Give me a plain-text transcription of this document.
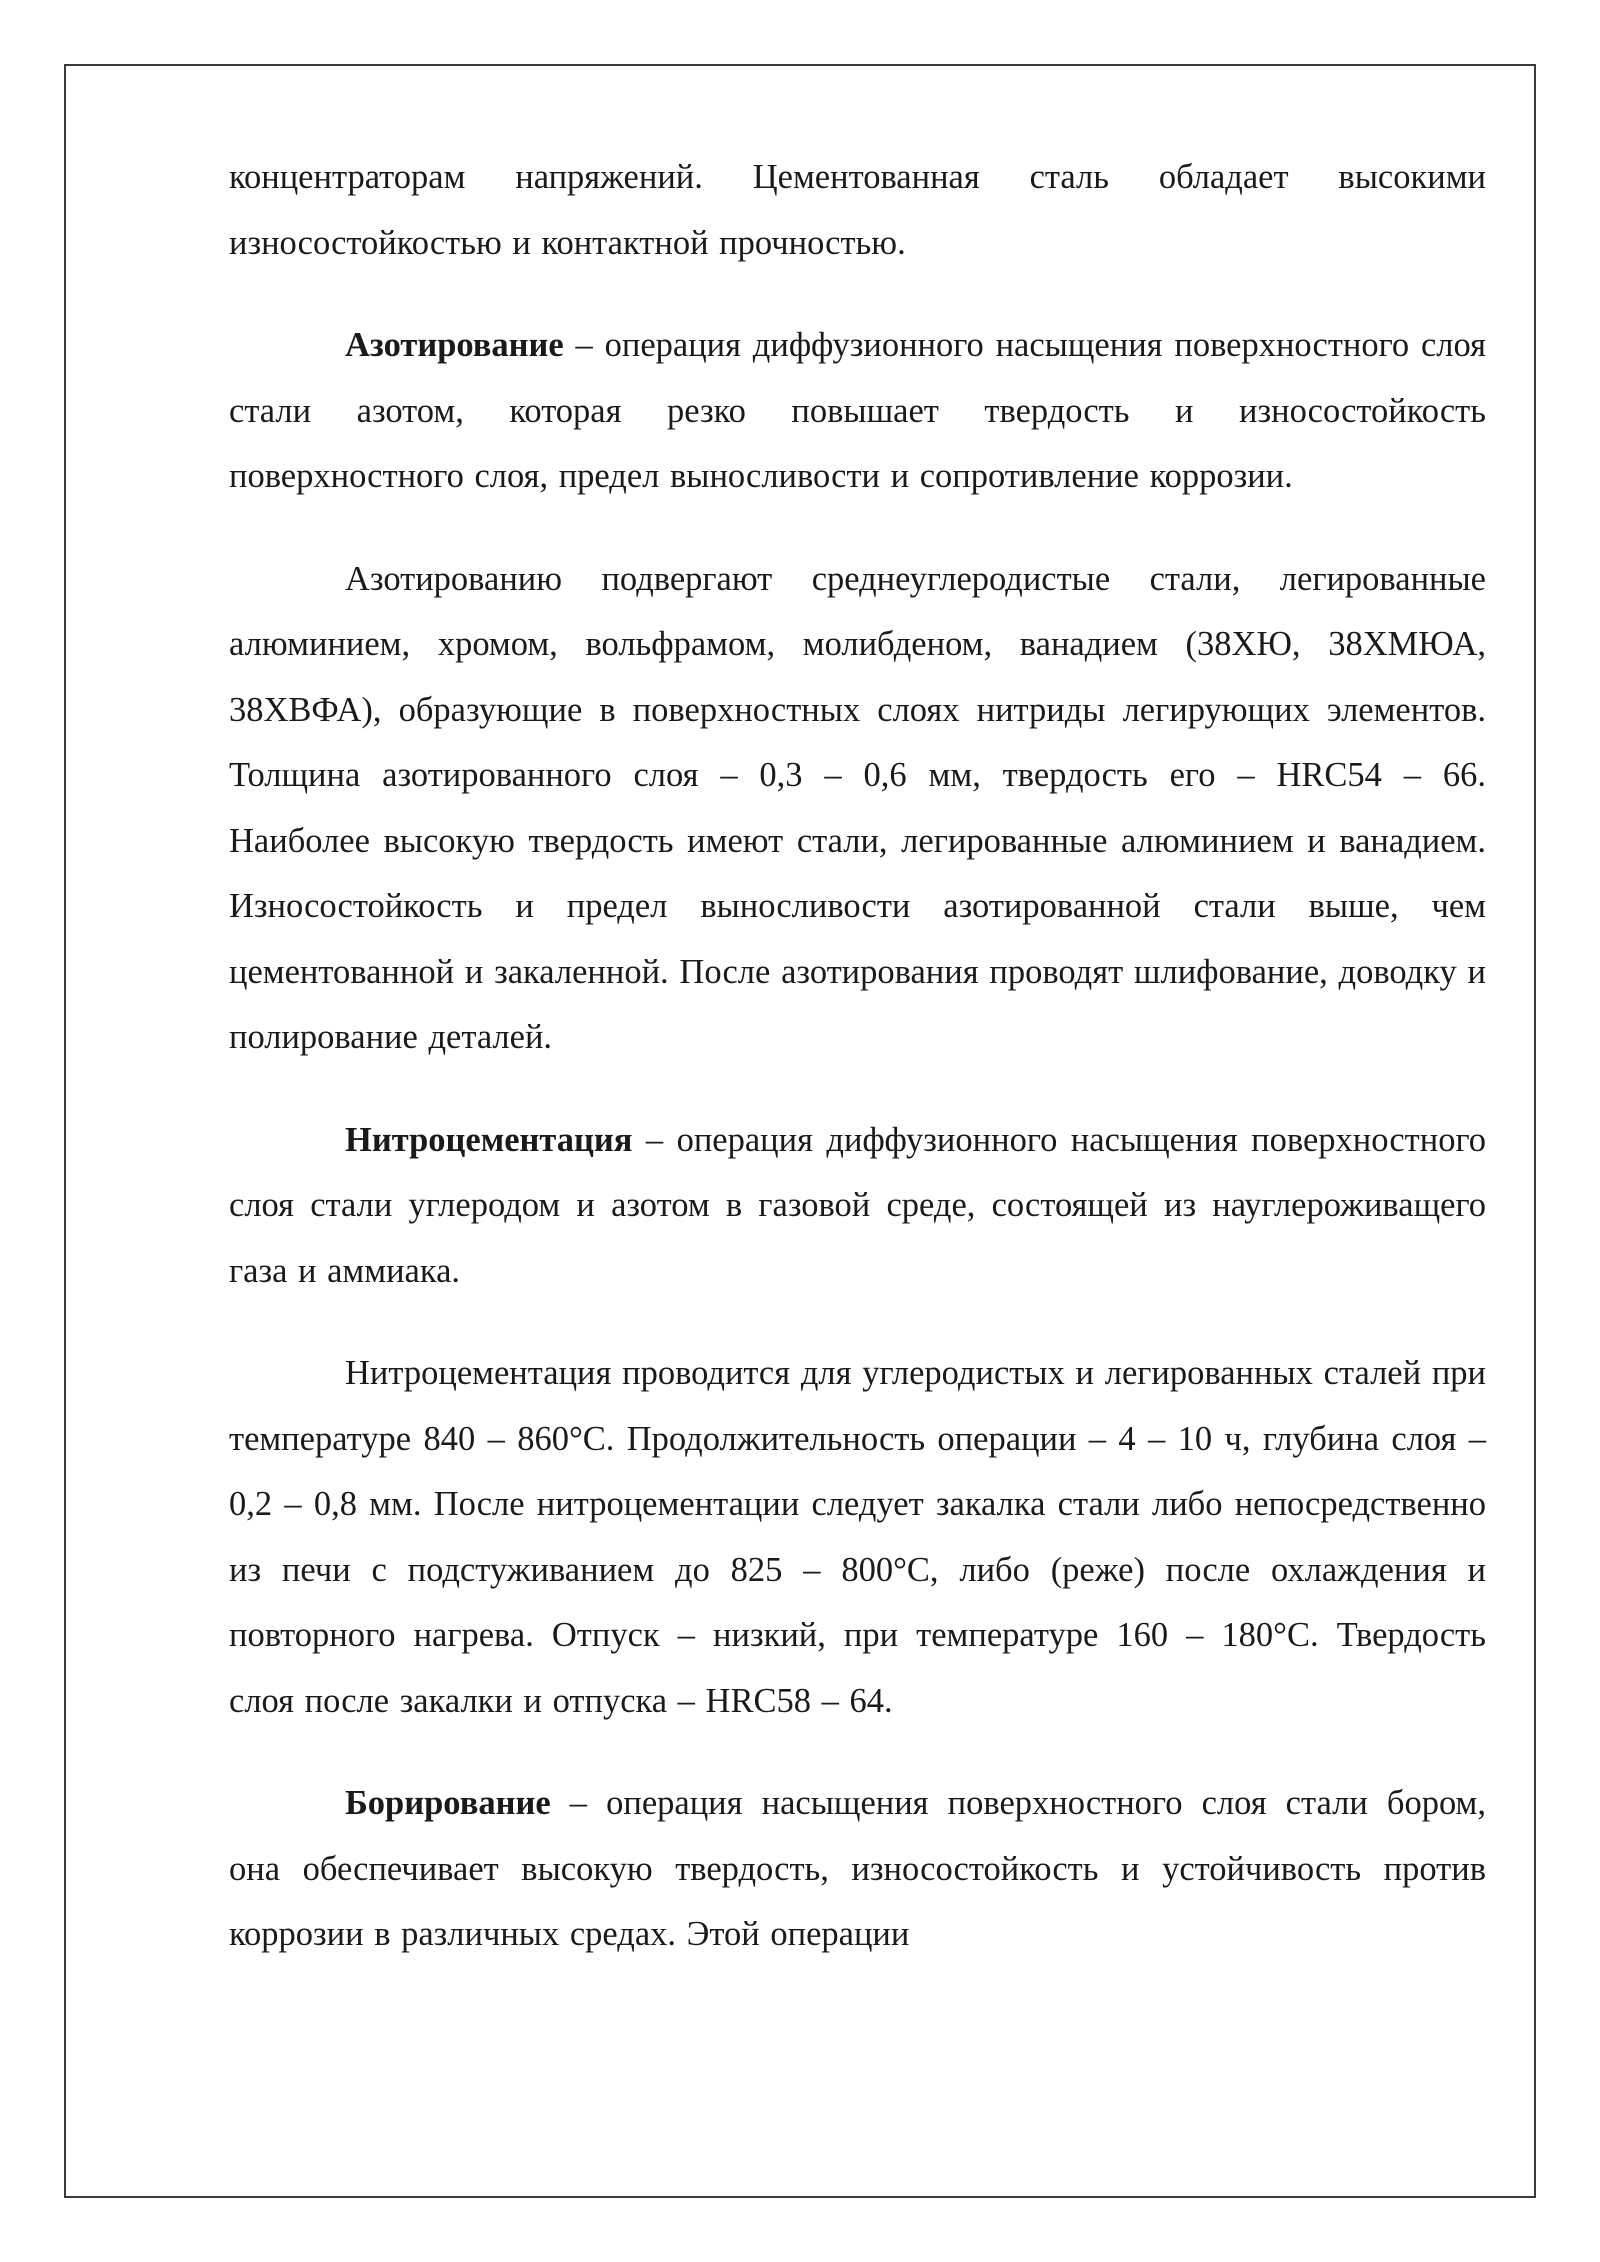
концентраторам напряжений. Цементованная сталь обладает высокими износостойкостью и контактной прочностью.

Азотирование – операция диффузионного насыщения поверхностного слоя стали азотом, которая резко повышает твердость и износостойкость поверхностного слоя, предел выносливости и сопротивление коррозии.

Азотированию подвергают среднеуглеродистые стали, легированные алюминием, хромом, вольфрамом, молибденом, ванадием (38ХЮ, 38ХМЮА, 38ХВФА), образующие в поверхностных слоях нитриды легирующих элементов. Толщина азотированного слоя – 0,3 – 0,6 мм, твердость его – HRC54 – 66. Наиболее высокую твердость имеют стали, легированные алюминием и ванадием. Износостойкость и предел выносливости азотированной стали выше, чем цементованной и закаленной. После азотирования проводят шлифование, доводку и полирование деталей.

Нитроцементация – операция диффузионного насыщения поверхностного слоя стали углеродом и азотом в газовой среде, состоящей из науглероживащего газа и аммиака.

Нитроцементация проводится для углеродистых и легированных сталей при температуре 840 – 860°С. Продолжительность операции – 4 – 10 ч, глубина слоя – 0,2 – 0,8 мм. После нитроцементации следует закалка стали либо непосредственно из печи с подстуживанием до 825 – 800°С, либо (реже) после охлаждения и повторного нагрева. Отпуск – низкий, при температуре 160 – 180°С. Твердость слоя после закалки и отпуска – HRC58 – 64.

Борирование – операция насыщения поверхностного слоя стали бором, она обеспечивает высокую твердость, износостойкость и устойчивость против коррозии в различных средах. Этой операции
